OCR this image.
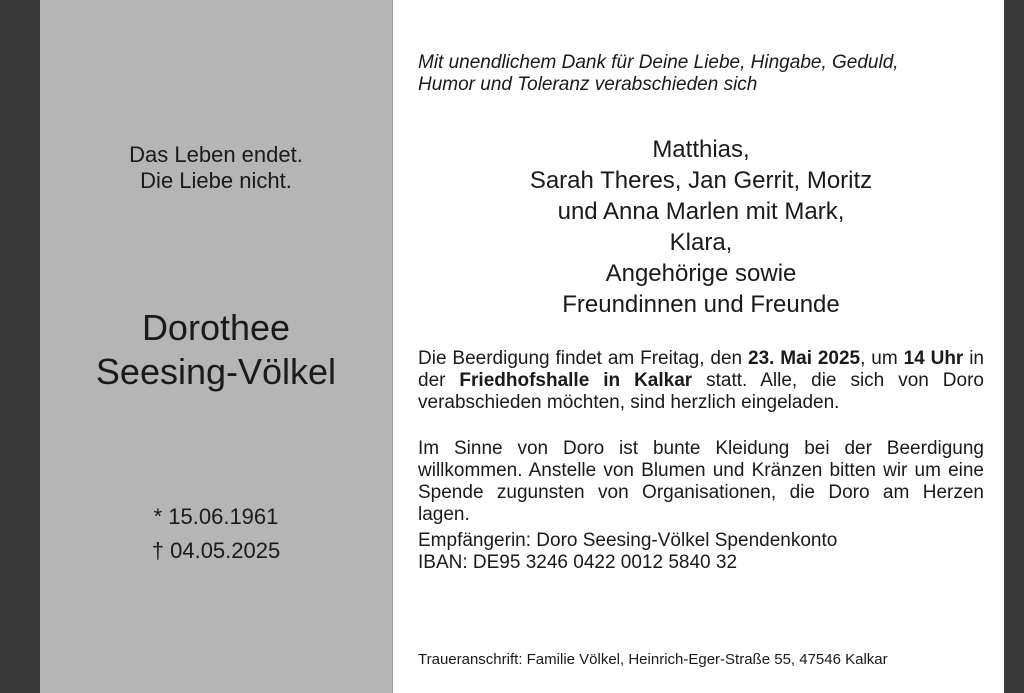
Das Leben endet.
Die Liebe nicht.
Dorothee
Seesing-Völkel
* 15.06.1961
† 04.05.2025
Mit unendlichem Dank für Deine Liebe, Hingabe, Geduld,
Humor und Toleranz verabschieden sich
Matthias,
Sarah Theres, Jan Gerrit, Moritz
und Anna Marlen mit Mark,
Klara,
Angehörige sowie
Freundinnen und Freunde
Die Beerdigung findet am Freitag, den 23. Mai 2025, um 14 Uhr in der Friedhofshalle in Kalkar statt. Alle, die sich von Doro verabschieden möchten, sind herzlich eingeladen.
Im Sinne von Doro ist bunte Kleidung bei der Beerdigung willkommen. Anstelle von Blumen und Kränzen bitten wir um eine Spende zugunsten von Organisationen, die Doro am Herzen lagen.
Empfängerin: Doro Seesing-Völkel Spendenkonto
IBAN: DE95 3246 0422 0012 5840 32
Traueranschrift: Familie Völkel, Heinrich-Eger-Straße 55, 47546 Kalkar
